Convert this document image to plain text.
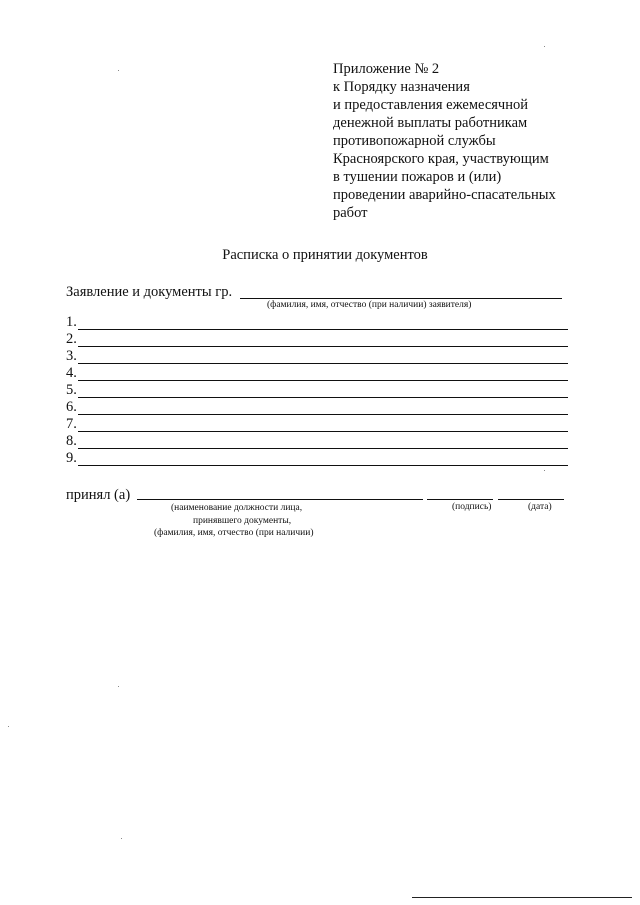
Приложение № 2
к Порядку назначения
и предоставления ежемесячной
денежной выплаты работникам
противопожарной службы
Красноярского края, участвующим
в тушении пожаров и (или)
проведении аварийно-спасательных
работ
Расписка о принятии документов
Заявление и документы гр.
(фамилия, имя, отчество (при наличии) заявителя)
1.
2.
3.
4.
5.
6.
7.
8.
9.
принял (а)
(наименование должности лица,
принявшего документы,
(фамилия, имя, отчество (при наличии)
(подпись)	(дата)
